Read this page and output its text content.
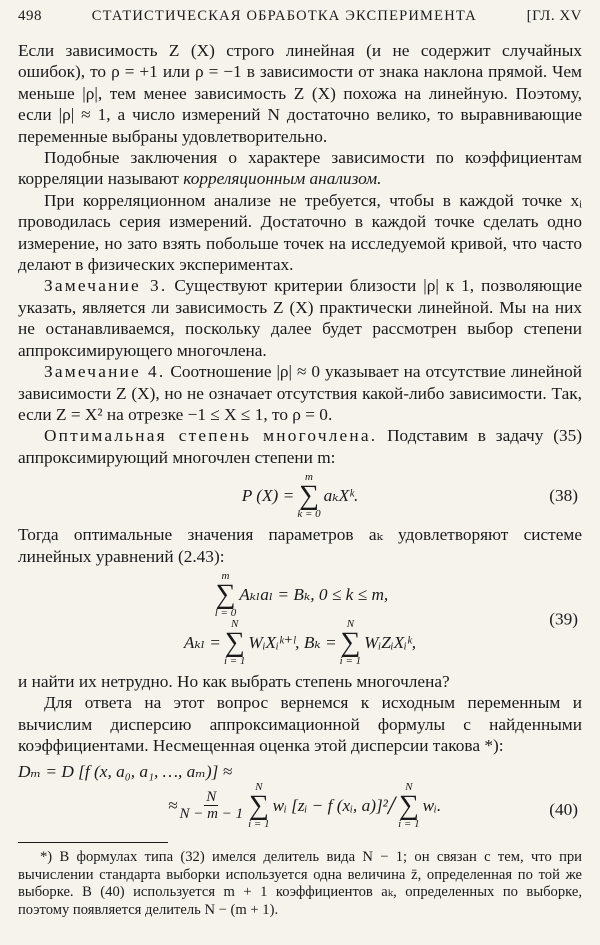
498	СТАТИСТИЧЕСКАЯ ОБРАБОТКА ЭКСПЕРИМЕНТА	[ГЛ. XV

Если зависимость Z (X) строго линейная (и не содержит случайных ошибок), то ρ = +1 или ρ = −1 в зависимости от знака наклона прямой. Чем меньше |ρ|, тем менее зависимость Z (X) похожа на линейную. Поэтому, если |ρ| ≈ 1, а число измерений N достаточно велико, то выравнивающие переменные выбраны удовлетворительно.

Подобные заключения о характере зависимости по коэффициентам корреляции называют корреляционным анализом.

При корреляционном анализе не требуется, чтобы в каждой точке xᵢ проводилась серия измерений. Достаточно в каждой точке сделать одно измерение, но зато взять побольше точек на исследуемой кривой, что часто делают в физических экспериментах.

Замечание 3. Существуют критерии близости |ρ| к 1, позволяющие указать, является ли зависимость Z (X) практически линейной. Мы на них не останавливаемся, поскольку далее будет рассмотрен выбор степени аппроксимирующего многочлена.

Замечание 4. Соотношение |ρ| ≈ 0 указывает на отсутствие линейной зависимости Z (X), но не означает отсутствия какой-либо зависимости. Так, если Z = X² на отрезке −1 ≤ X ≤ 1, то ρ = 0.

Оптимальная степень многочлена. Подставим в задачу (35) аппроксимирующий многочлен степени m:

P (X) =
m
∑
k = 0
aₖXᵏ.	(38)

Тогда оптимальные значения параметров aₖ удовлетворяют системе линейных уравнений (2.43):

m
∑
l = 0
Aₖₗaₗ = Bₖ, 0 ≤ k ≤ m,
Aₖₗ =
N
∑
i = 1
WᵢXᵢᵏ⁺ˡ, Bₖ =
N
∑
i = 1
WᵢZᵢXᵢᵏ,
(39)

и найти их нетрудно. Но как выбрать степень многочлена?

Для ответа на этот вопрос вернемся к исходным переменным и вычислим дисперсию аппроксимационной формулы с найденными коэффициентами. Несмещенная оценка этой дисперсии такова *):

Dₘ = D [f (x, a₀, a₁, …, aₘ)] ≈
≈ $\frac{N}{N - m - 1}$
N
∑
i = 1
wᵢ [zᵢ − f (xᵢ, a)]² /
N
∑
i = 1
wᵢ.	(40)

*) В формулах типа (32) имелся делитель вида N − 1; он связан с тем, что при вычислении стандарта выборки используется одна величина z̄, определенная по той же выборке. В (40) используется m + 1 коэффициентов aₖ, определенных по выборке, поэтому появляется делитель N − (m + 1).
